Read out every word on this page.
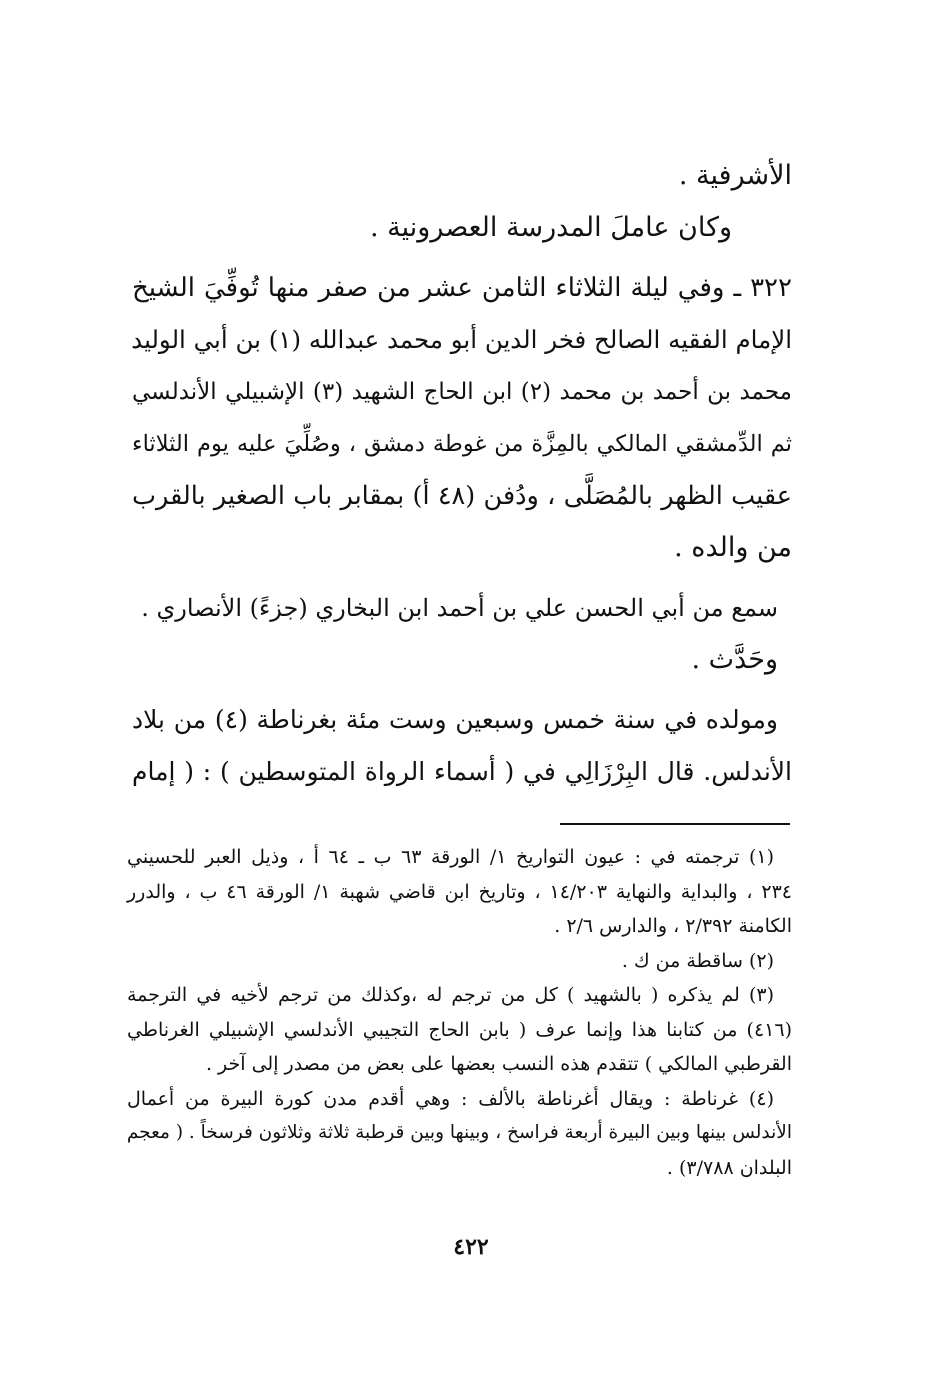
الأشرفية .
وكان عاملَ المدرسة العصرونية .
٣٢٢ ـ وفي ليلة الثلاثاء الثامن عشر من صفر منها تُوفِّيَ الشيخ
الإمام الفقيه الصالح فخر الدين أبو محمد عبدالله (١) بن أبي الوليد
محمد بن أحمد بن محمد (٢) ابن الحاج الشهيد (٣) الإشبيلي الأندلسي
ثم الدِّمشقي المالكي بالمِزَّة من غوطة دمشق ، وصُلِّيَ عليه يوم الثلاثاء
عقيب الظهر بالمُصَلَّى ، ودُفن (٤٨ أ) بمقابر باب الصغير بالقرب
من والده .
سمع من أبي الحسن علي بن أحمد ابن البخاري (جزءً) الأنصاري .
وحَدَّث .
ومولده في سنة خمس وسبعين وست مئة بغرناطة (٤) من بلاد
الأندلس. قال البِرْزَالِي في ( أسماء الرواة المتوسطين ) : ( إمام
(١) ترجمته في : عيون التواريخ ١/ الورقة ٦٣ ب ـ ٦٤ أ ، وذيل العبر للحسيني
٢٣٤ ، والبداية والنهاية ١٤/٢٠٣ ، وتاريخ ابن قاضي شهبة ١/ الورقة ٤٦ ب ، والدرر
الكامنة ٢/٣٩٢ ، والدارس ٢/٦ .
(٢) ساقطة من ك .
(٣) لم يذكره ( بالشهيد ) كل من ترجم له ،وكذلك من ترجم لأخيه في الترجمة
(٤١٦) من كتابنا هذا وإنما عرف ( بابن الحاج التجيبي الأندلسي الإشبيلي الغرناطي
القرطبي المالكي ) تتقدم هذه النسب بعضها على بعض من مصدر إلى آخر .
(٤) غرناطة : ويقال أغرناطة بالألف : وهي أقدم مدن كورة البيرة من أعمال
الأندلس بينها وبين البيرة أربعة فراسخ ، وبينها وبين قرطبة ثلاثة وثلاثون فرسخاً . ( معجم
البلدان ٣/٧٨٨) .
٤٢٢
